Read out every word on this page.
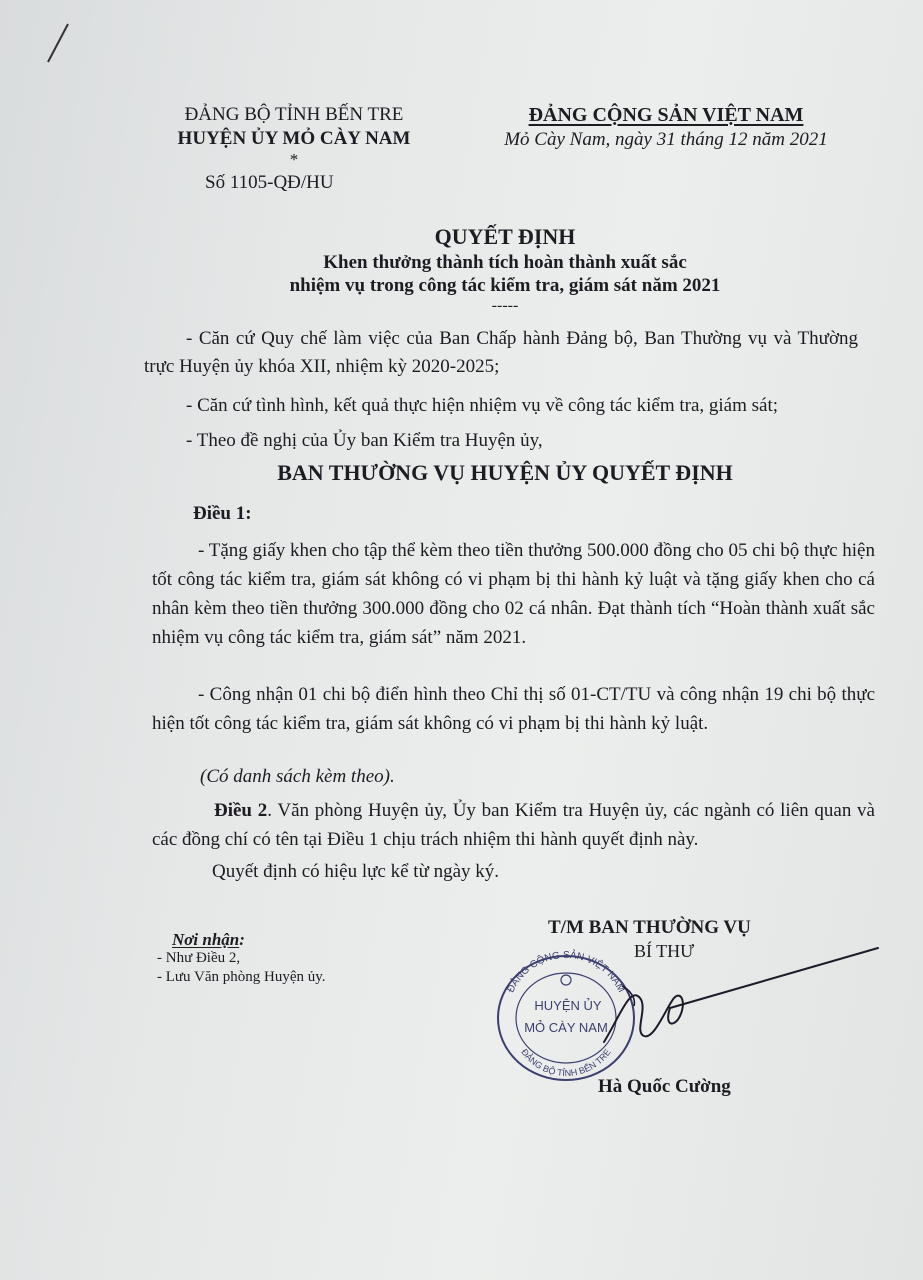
ĐẢNG BỘ TỈNH BẾN TRE
HUYỆN ỦY MỎ CÀY NAM
*
Số 1105-QĐ/HU
ĐẢNG CỘNG SẢN VIỆT NAM
Mỏ Cày Nam, ngày 31 tháng 12 năm 2021
QUYẾT ĐỊNH
Khen thưởng thành tích hoàn thành xuất sắc
nhiệm vụ trong công tác kiểm tra, giám sát năm 2021
-----
- Căn cứ Quy chế làm việc của Ban Chấp hành Đảng bộ, Ban Thường vụ và Thường trực Huyện ủy khóa XII, nhiệm kỳ 2020-2025;
- Căn cứ tình hình, kết quả thực hiện nhiệm vụ về công tác kiểm tra, giám sát;
- Theo đề nghị của Ủy ban Kiểm tra Huyện ủy,
BAN THƯỜNG VỤ HUYỆN ỦY QUYẾT ĐỊNH
Điều 1:
- Tặng giấy khen cho tập thể kèm theo tiền thưởng 500.000 đồng cho 05 chi bộ thực hiện tốt công tác kiểm tra, giám sát không có vi phạm bị thi hành kỷ luật và tặng giấy khen cho cá nhân kèm theo tiền thưởng 300.000 đồng cho 02 cá nhân. Đạt thành tích “Hoàn thành xuất sắc nhiệm vụ công tác kiểm tra, giám sát” năm 2021.
- Công nhận 01 chi bộ điển hình theo Chỉ thị số 01-CT/TU và công nhận 19 chi bộ thực hiện tốt công tác kiểm tra, giám sát không có vi phạm bị thi hành kỷ luật.
(Có danh sách kèm theo).
Điều 2. Văn phòng Huyện ủy, Ủy ban Kiểm tra Huyện ủy, các ngành có liên quan và các đồng chí có tên tại Điều 1 chịu trách nhiệm thi hành quyết định này.
Quyết định có hiệu lực kể từ ngày ký.
Nơi nhận:
- Như Điều 2,
- Lưu Văn phòng Huyện ủy.
T/M BAN THƯỜNG VỤ
BÍ THƯ
ĐẢNG CỘNG SẢN VIỆT NAM
ĐẢNG BỘ TỈNH BẾN TRE
HUYỆN ỦY
MỎ CÀY NAM
Hà Quốc Cường
